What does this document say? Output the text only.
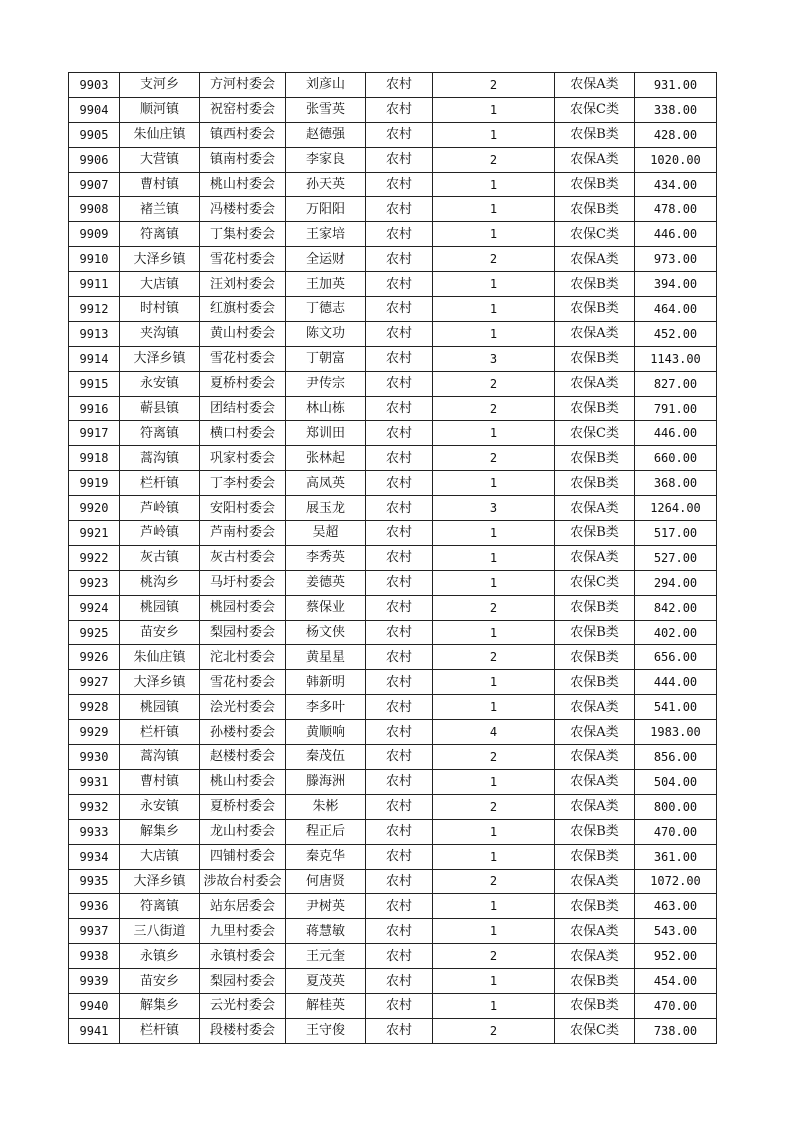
9903	支河乡	方河村委会	刘彦山	农村	2	农保A类	931.00
9904	顺河镇	祝窑村委会	张雪英	农村	1	农保C类	338.00
9905	朱仙庄镇	镇西村委会	赵德强	农村	1	农保B类	428.00
9906	大营镇	镇南村委会	李家良	农村	2	农保A类	1020.00
9907	曹村镇	桃山村委会	孙天英	农村	1	农保B类	434.00
9908	褚兰镇	冯楼村委会	万阳阳	农村	1	农保B类	478.00
9909	符离镇	丁集村委会	王家培	农村	1	农保C类	446.00
9910	大泽乡镇	雪花村委会	全运财	农村	2	农保A类	973.00
9911	大店镇	汪刘村委会	王加英	农村	1	农保B类	394.00
9912	时村镇	红旗村委会	丁德志	农村	1	农保B类	464.00
9913	夹沟镇	黄山村委会	陈文功	农村	1	农保A类	452.00
9914	大泽乡镇	雪花村委会	丁朝富	农村	3	农保B类	1143.00
9915	永安镇	夏桥村委会	尹传宗	农村	2	农保A类	827.00
9916	蕲县镇	团结村委会	林山栋	农村	2	农保B类	791.00
9917	符离镇	横口村委会	郑训田	农村	1	农保C类	446.00
9918	蒿沟镇	巩家村委会	张林起	农村	2	农保B类	660.00
9919	栏杆镇	丁李村委会	高凤英	农村	1	农保B类	368.00
9920	芦岭镇	安阳村委会	展玉龙	农村	3	农保A类	1264.00
9921	芦岭镇	芦南村委会	吴超	农村	1	农保B类	517.00
9922	灰古镇	灰古村委会	李秀英	农村	1	农保A类	527.00
9923	桃沟乡	马圩村委会	姜德英	农村	1	农保C类	294.00
9924	桃园镇	桃园村委会	蔡保业	农村	2	农保B类	842.00
9925	苗安乡	梨园村委会	杨文侠	农村	1	农保B类	402.00
9926	朱仙庄镇	沱北村委会	黄星星	农村	2	农保B类	656.00
9927	大泽乡镇	雪花村委会	韩新明	农村	1	农保B类	444.00
9928	桃园镇	浍光村委会	李多叶	农村	1	农保A类	541.00
9929	栏杆镇	孙楼村委会	黄顺响	农村	4	农保A类	1983.00
9930	蒿沟镇	赵楼村委会	秦茂伍	农村	2	农保A类	856.00
9931	曹村镇	桃山村委会	滕海洲	农村	1	农保A类	504.00
9932	永安镇	夏桥村委会	朱彬	农村	2	农保A类	800.00
9933	解集乡	龙山村委会	程正后	农村	1	农保B类	470.00
9934	大店镇	四铺村委会	秦克华	农村	1	农保B类	361.00
9935	大泽乡镇	涉故台村委会	何唐贤	农村	2	农保A类	1072.00
9936	符离镇	站东居委会	尹树英	农村	1	农保B类	463.00
9937	三八街道	九里村委会	蒋慧敏	农村	1	农保A类	543.00
9938	永镇乡	永镇村委会	王元奎	农村	2	农保A类	952.00
9939	苗安乡	梨园村委会	夏茂英	农村	1	农保B类	454.00
9940	解集乡	云光村委会	解桂英	农村	1	农保B类	470.00
9941	栏杆镇	段楼村委会	王守俊	农村	2	农保C类	738.00
